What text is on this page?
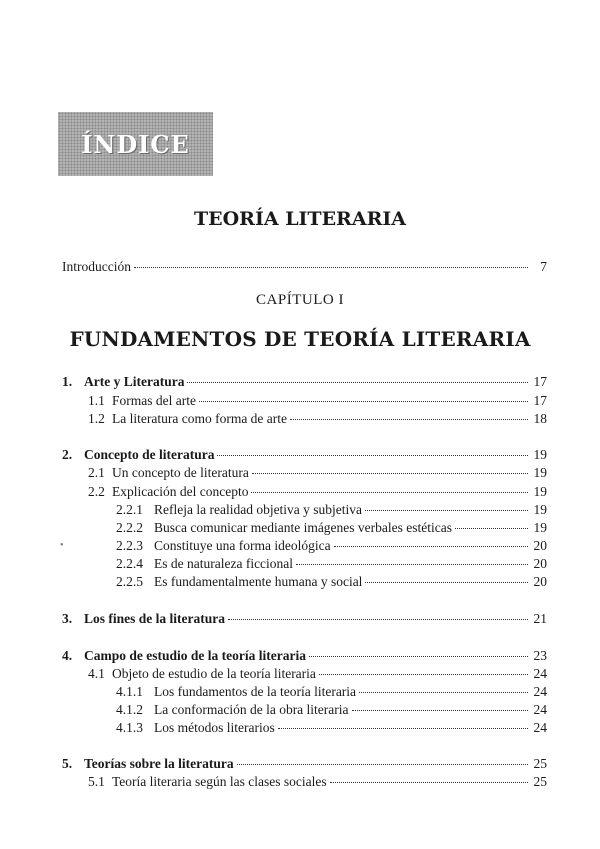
ÍNDICE
TEORÍA LITERARIA
Introducción	7
CAPÍTULO I
FUNDAMENTOS DE TEORÍA LITERARIA
1. Arte y Literatura	17
1.1 Formas del arte	17
1.2 La literatura como forma de arte	18
2. Concepto de literatura	19
2.1 Un concepto de literatura	19
2.2 Explicación del concepto	19
2.2.1 Refleja la realidad objetiva y subjetiva	19
2.2.2 Busca comunicar mediante imágenes verbales estéticas	19
2.2.3 Constituye una forma ideológica	20
2.2.4 Es de naturaleza ficcional	20
2.2.5 Es fundamentalmente humana y social	20
3. Los fines de la literatura	21
4. Campo de estudio de la teoría literaria	23
4.1 Objeto de estudio de la teoría literaria	24
4.1.1 Los fundamentos de la teoría literaria	24
4.1.2 La conformación de la obra literaria	24
4.1.3 Los métodos literarios	24
5. Teorías sobre la literatura	25
5.1 Teoría literaria según las clases sociales	25
•
